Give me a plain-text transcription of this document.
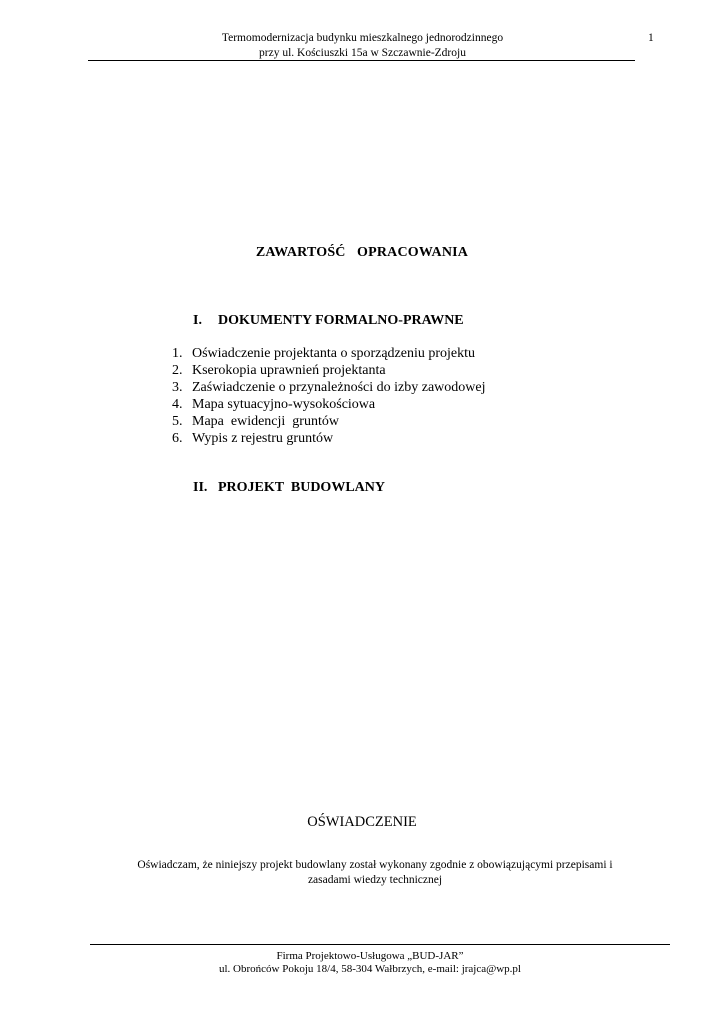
Termomodernizacja budynku mieszkalnego jednorodzinnego
przy ul. Kościuszki 15a w Szczawnie-Zdroju
1
ZAWARTOŚĆ  OPRACOWANIA
I. DOKUMENTY FORMALNO-PRAWNE
1. Oświadczenie projektanta o sporządzeniu projektu
2. Kserokopia uprawnień projektanta
3. Zaświadczenie o przynależności do izby zawodowej
4. Mapa sytuacyjno-wysokościowa
5. Mapa  ewidencji  gruntów
6. Wypis z rejestru gruntów
II. PROJEKT  BUDOWLANY
OŚWIADCZENIE
Oświadczam, że niniejszy projekt budowlany został wykonany zgodnie z obowiązującymi przepisami i
zasadami wiedzy technicznej
Firma Projektowo-Usługowa „BUD-JAR”
ul. Obrońców Pokoju 18/4, 58-304 Wałbrzych, e-mail: jrajca@wp.pl
